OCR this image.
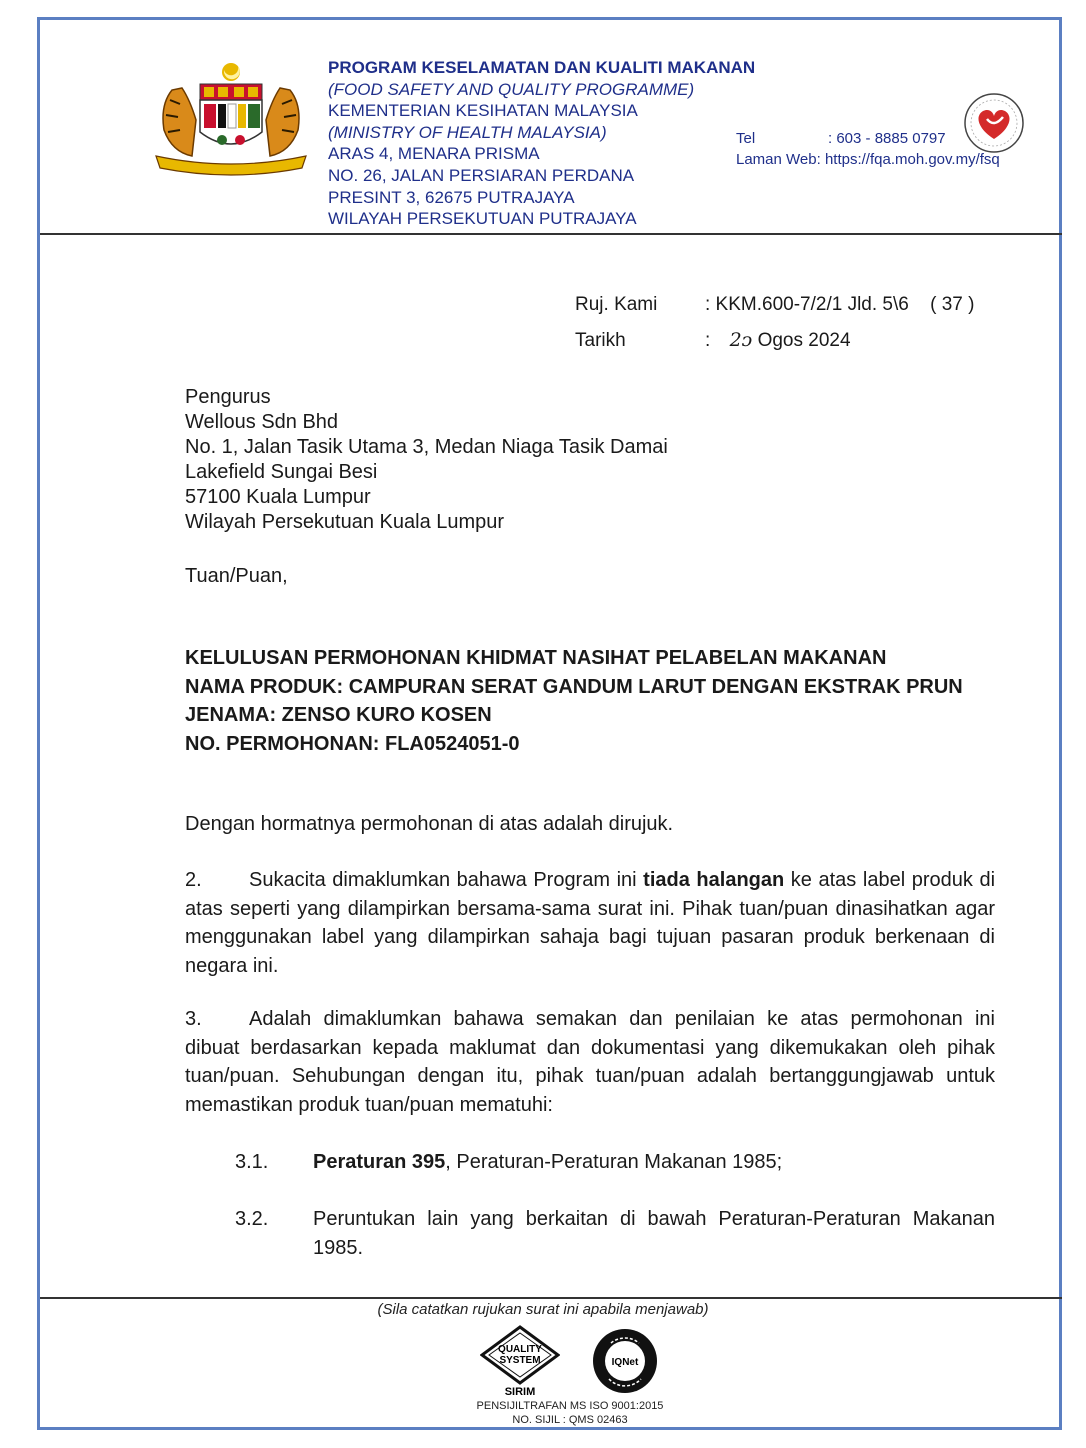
PROGRAM KESELAMATAN DAN KUALITI MAKANAN
(FOOD SAFETY AND QUALITY PROGRAMME)
KEMENTERIAN KESIHATAN MALAYSIA
(MINISTRY OF HEALTH MALAYSIA)
ARAS 4, MENARA PRISMA
NO. 26, JALAN PERSIARAN PERDANA
PRESINT 3, 62675 PUTRAJAYA
WILAYAH PERSEKUTUAN PUTRAJAYA
Tel	: 603 - 8885 0797
Laman Web: https://fqa.moh.gov.my/fsq
Ruj. Kami	: KKM.600-7/2/1 Jld. 5\6 ( 37 )
Tarikh	: 2ᴐ Ogos 2024
Pengurus
Wellous Sdn Bhd
No. 1, Jalan Tasik Utama 3, Medan Niaga Tasik Damai
Lakefield Sungai Besi
57100 Kuala Lumpur
Wilayah Persekutuan Kuala Lumpur
Tuan/Puan,
KELULUSAN PERMOHONAN KHIDMAT NASIHAT PELABELAN MAKANAN
NAMA PRODUK: CAMPURAN SERAT GANDUM LARUT DENGAN EKSTRAK PRUN
JENAMA: ZENSO KURO KOSEN
NO. PERMOHONAN: FLA0524051-0
Dengan hormatnya permohonan di atas adalah dirujuk.
2. Sukacita dimaklumkan bahawa Program ini tiada halangan ke atas label produk di atas seperti yang dilampirkan bersama-sama surat ini. Pihak tuan/puan dinasihatkan agar menggunakan label yang dilampirkan sahaja bagi tujuan pasaran produk berkenaan di negara ini.
3. Adalah dimaklumkan bahawa semakan dan penilaian ke atas permohonan ini dibuat berdasarkan kepada maklumat dan dokumentasi yang dikemukakan oleh pihak tuan/puan. Sehubungan dengan itu, pihak tuan/puan adalah bertanggungjawab untuk memastikan produk tuan/puan mematuhi:
3.1. Peraturan 395, Peraturan-Peraturan Makanan 1985;
3.2. Peruntukan lain yang berkaitan di bawah Peraturan-Peraturan Makanan 1985.
(Sila catatkan rujukan surat ini apabila menjawab)
QUALITY
SYSTEM
SIRIM
IQNet
PENSIJILTRAFAN MS ISO 9001:2015
NO. SIJIL : QMS 02463
